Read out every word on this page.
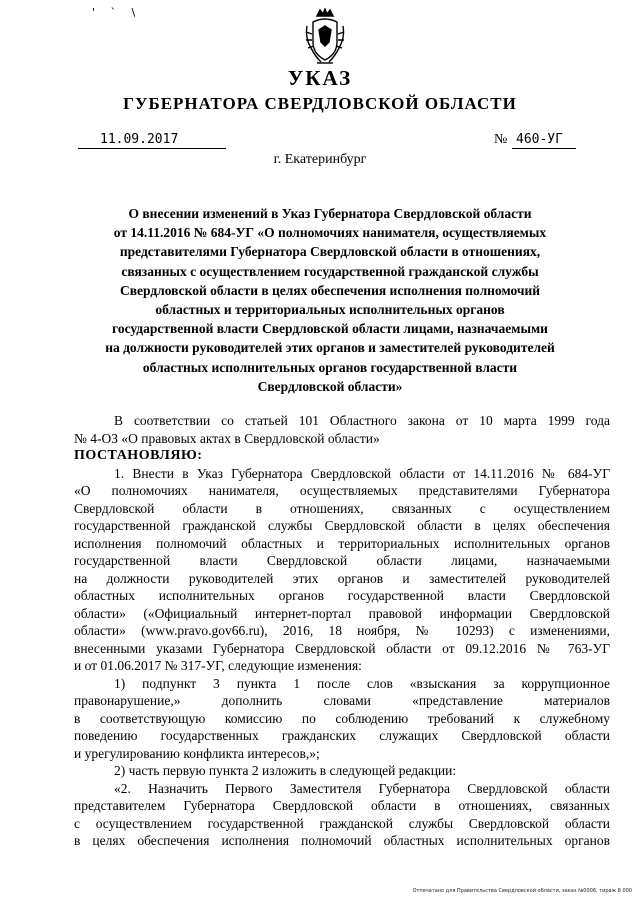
' ` \
УКАЗ
ГУБЕРНАТОРА СВЕРДЛОВСКОЙ ОБЛАСТИ
11.09.2017	№ 460-УГ
г. Екатеринбург
О внесении изменений в Указ Губернатора Свердловской области
от 14.11.2016 № 684-УГ «О полномочиях нанимателя, осуществляемых
представителями Губернатора Свердловской области в отношениях,
связанных с осуществлением государственной гражданской службы
Свердловской области в целях обеспечения исполнения полномочий
областных и территориальных исполнительных органов
государственной власти Свердловской области лицами, назначаемыми
на должности руководителей этих органов и заместителей руководителей
областных исполнительных органов государственной власти
Свердловской области»
В соответствии со статьей 101 Областного закона от 10 марта 1999 года
№ 4-ОЗ «О правовых актах в Свердловской области»
ПОСТАНОВЛЯЮ:
1. Внести в Указ Губернатора Свердловской области от 14.11.2016 № 684-УГ
«О полномочиях нанимателя, осуществляемых представителями Губернатора
Свердловской области в отношениях, связанных с осуществлением
государственной гражданской службы Свердловской области в целях обеспечения
исполнения полномочий областных и территориальных исполнительных органов
государственной власти Свердловской области лицами, назначаемыми
на должности руководителей этих органов и заместителей руководителей
областных исполнительных органов государственной власти Свердловской
области» («Официальный интернет-портал правовой информации Свердловской
области» (www.pravo.gov66.ru), 2016, 18 ноября, № 10293) с изменениями,
внесенными указами Губернатора Свердловской области от 09.12.2016 № 763-УГ
и от 01.06.2017 № 317-УГ, следующие изменения:
1) подпункт 3 пункта 1 после слов «взыскания за коррупционное
правонарушение,» дополнить словами «представление материалов
в соответствующую комиссию по соблюдению требований к служебному
поведению государственных гражданских служащих Свердловской области
и урегулированию конфликта интересов,»;
2) часть первую пункта 2 изложить в следующей редакции:
«2. Назначить Первого Заместителя Губернатора Свердловской области
представителем Губернатора Свердловской области в отношениях, связанных
с осуществлением государственной гражданской службы Свердловской области
в целях обеспечения исполнения полномочий областных исполнительных органов
Отпечатано для Правительства Свердловской области, заказ №0006, тираж 8 000
